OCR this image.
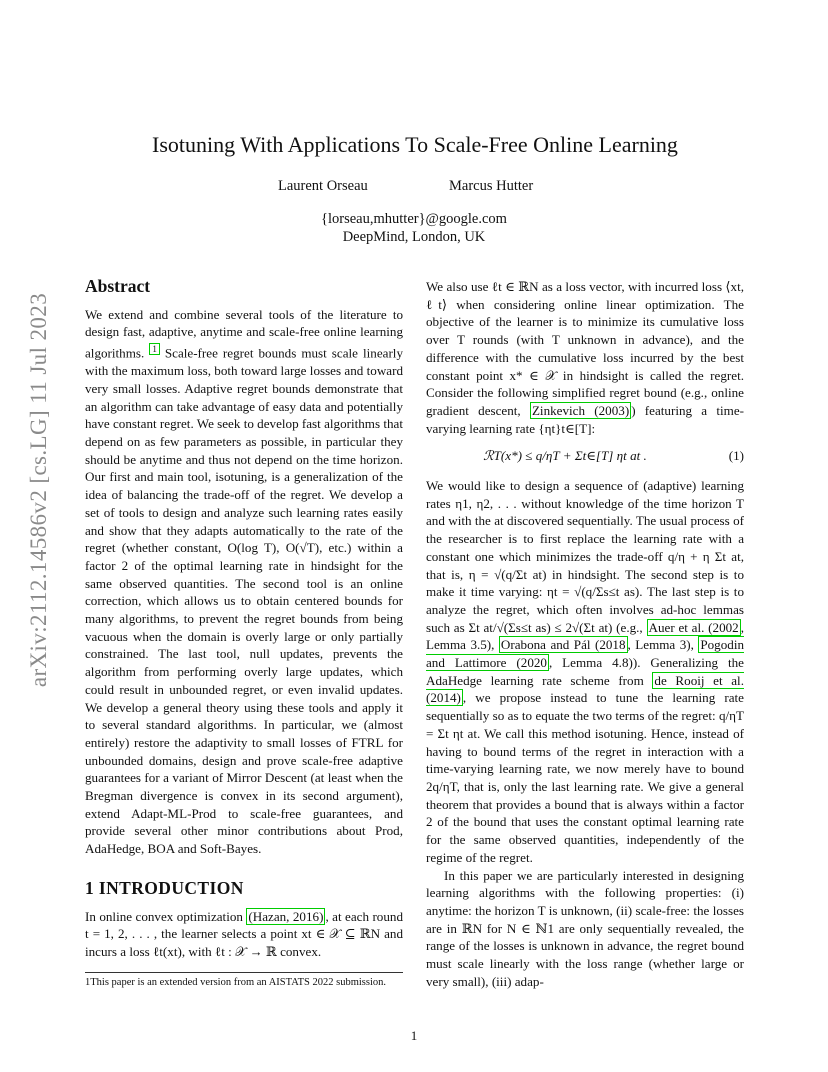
arXiv:2112.14586v2 [cs.LG] 11 Jul 2023
Isotuning With Applications To Scale-Free Online Learning
Laurent Orseau	Marcus Hutter
{lorseau,mhutter}@google.com
DeepMind, London, UK
Abstract

We extend and combine several tools of the literature to design fast, adaptive, anytime and scale-free online learning algorithms. $^1$ Scale-free regret bounds must scale linearly with the maximum loss, both toward large losses and toward very small losses. Adaptive regret bounds demonstrate that an algorithm can take advantage of easy data and potentially have constant regret. We seek to develop fast algorithms that depend on as few parameters as possible, in particular they should be anytime and thus not depend on the time horizon. Our first and main tool, isotuning, is a generalization of the idea of balancing the trade-off of the regret. We develop a set of tools to design and analyze such learning rates easily and show that they adapts automatically to the rate of the regret (whether constant, O(log T), O(√T), etc.) within a factor 2 of the optimal learning rate in hindsight for the same observed quantities. The second tool is an online correction, which allows us to obtain centered bounds for many algorithms, to prevent the regret bounds from being vacuous when the domain is overly large or only partially constrained. The last tool, null updates, prevents the algorithm from performing overly large updates, which could result in unbounded regret, or even invalid updates. We develop a general theory using these tools and apply it to several standard algorithms. In particular, we (almost entirely) restore the adaptivity to small losses of FTRL for unbounded domains, design and prove scale-free adaptive guarantees for a variant of Mirror Descent (at least when the Bregman divergence is convex in its second argument), extend Adapt-ML-Prod to scale-free guarantees, and provide several other minor contributions about Prod, AdaHedge, BOA and Soft-Bayes.

1 INTRODUCTION

In online convex optimization (Hazan, 2016) , at each round t = 1, 2, . . . , the learner selects a point xt ∈ 𝒳 ⊆ ℝN and incurs a loss ℓt(xt), with ℓt : 𝒳 → ℝ convex.

We also use ℓt ∈ ℝN as a loss vector, with incurred loss ⟨xt, ℓt⟩ when considering online linear optimization. The objective of the learner is to minimize its cumulative loss over T rounds (with T unknown in advance), and the difference with the cumulative loss incurred by the best constant point x* ∈ 𝒳 in hindsight is called the regret. Consider the following simplified regret bound (e.g., online gradient descent, Zinkevich (2003) ) featuring a time-varying learning rate {ηt}t∈[T]:

ℛT(x*) ≤ q/ηT + Σt∈[T] ηt at .	(1)

We would like to design a sequence of (adaptive) learning rates η1, η2, . . . without knowledge of the time horizon T and with the at discovered sequentially. The usual process of the researcher is to first replace the learning rate with a constant one which minimizes the trade-off q/η + η Σt at, that is, η = √(q/Σt at) in hindsight. The second step is to make it time varying: ηt = √(q/Σs≤t as). The last step is to analyze the regret, which often involves ad-hoc lemmas such as Σt at/√(Σs≤t as) ≤ 2√(Σt at) (e.g., Auer et al. (2002 , Lemma 3.5), Orabona and Pál (2018 , Lemma 3), Pogodin and Lattimore (2020 , Lemma 4.8)). Generalizing the AdaHedge learning rate scheme from de Rooij et al. (2014) , we propose instead to tune the learning rate sequentially so as to equate the two terms of the regret: q/ηT = Σt ηt at. We call this method isotuning. Hence, instead of having to bound terms of the regret in interaction with a time-varying learning rate, we now merely have to bound 2q/ηT, that is, only the last learning rate. We give a general theorem that provides a bound that is always within a factor 2 of the bound that uses the constant optimal learning rate for the same observed quantities, independently of the regime of the regret.

In this paper we are particularly interested in designing learning algorithms with the following properties: (i) anytime: the horizon T is unknown, (ii) scale-free: the losses are in ℝN for N ∈ ℕ1 are only sequentially revealed, the range of the losses is unknown in advance, the regret bound must scale linearly with the loss range (whether large or very small), (iii) adap-

1This paper is an extended version from an AISTATS 2022 submission.
1
